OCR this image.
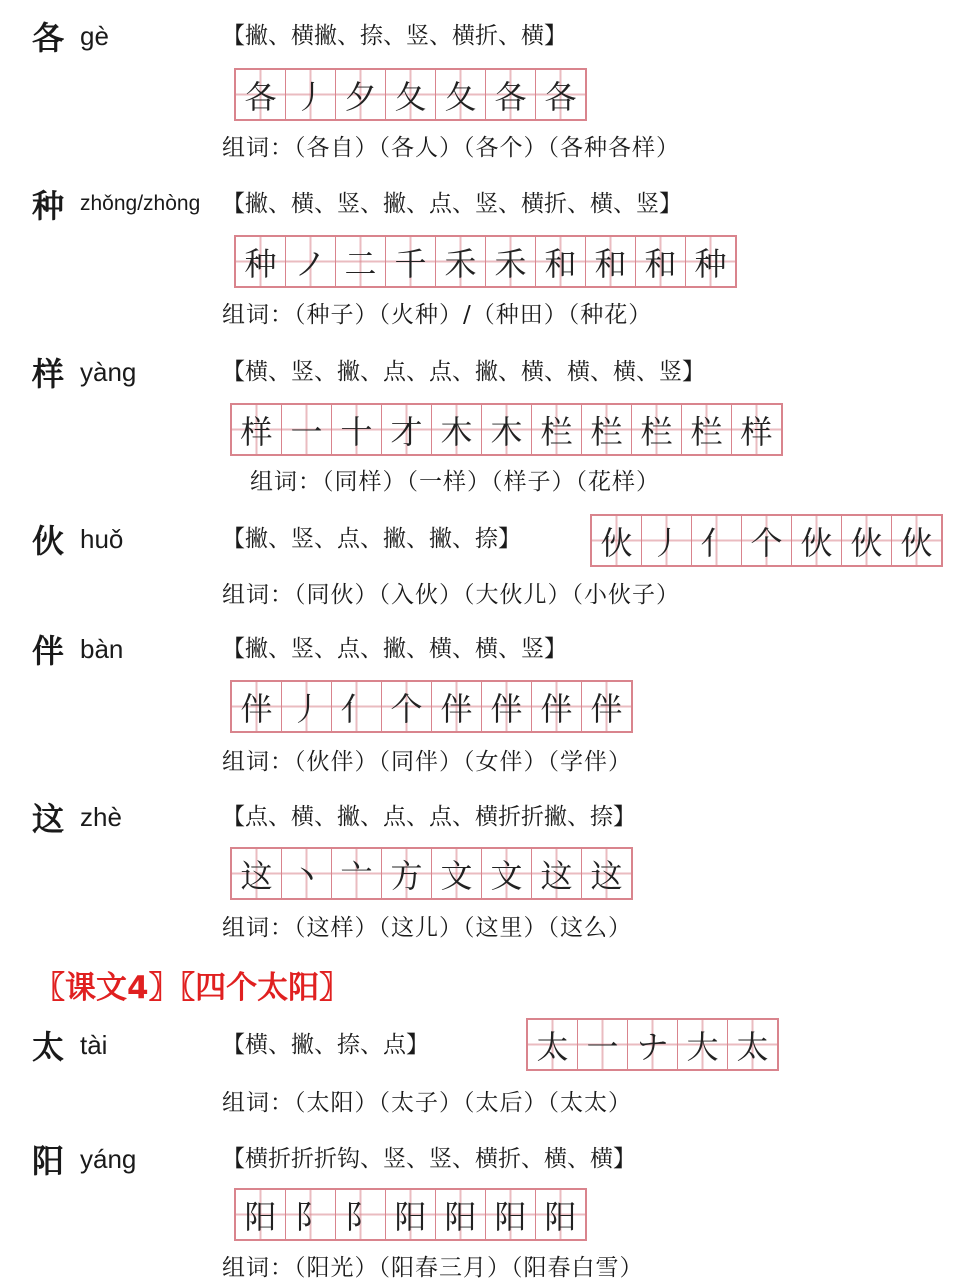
各 gè	【撇、横撇、捺、竖、横折、横】
各 丿 夕 夂 夂 各 各
组词：（各自）（各人）（各个）（各种各样）
种 zhǒng/zhòng 【撇、横、竖、撇、点、竖、横折、横、竖】
种 ノ 二 千 禾 禾 和 和 和 种
组词：（种子）（火种）/（种田）（种花）
样 yàng	【横、竖、撇、点、点、撇、横、横、横、竖】
样 一 十 才 木 木 栏 栏 栏 栏 样
组词：（同样）（一样）（样子）（花样）
伙 huǒ	【撇、竖、点、撇、撇、捺】 伙 丿 亻 个 伙 伙 伙
组词：（同伙）（入伙）（大伙儿）（小伙子）
伴 bàn	【撇、竖、点、撇、横、横、竖】
伴 丿 亻 个 伴 伴 伴 伴
组词：（伙伴）（同伴）（女伴）（学伴）
这 zhè	【点、横、撇、点、点、横折折撇、捺】
这 丶 亠 方 文 文 这 这
组词：（这样）（这儿）（这里）（这么）
〖课文4〗〖四个太阳〗
太 tài	【横、撇、捺、点】	太 一 ナ 大 太
组词：（太阳）（太子）（太后）（太太）
阳 yáng	【横折折折钩、竖、竖、横折、横、横】
阳 阝 阝 阳 阳 阳 阳
组词：（阳光）（阳春三月）（阳春白雪）
